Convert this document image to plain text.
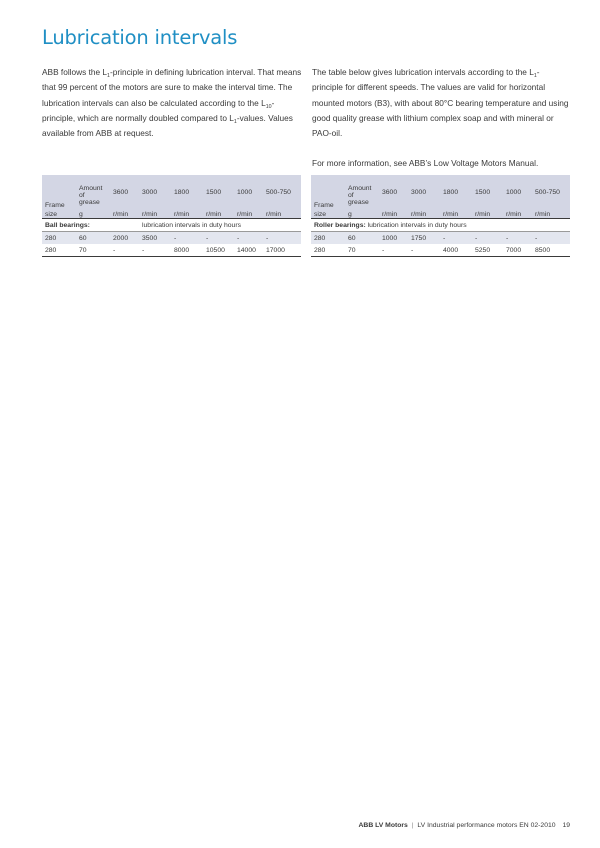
Lubrication intervals

ABB follows the $L_1$-principle in defining lubrication interval. That means that 99 percent of the motors are sure to make the interval time. The lubrication intervals can also be calculated according to the $L_{10}$-principle, which are normally doubled compared to $L_1$-values. Values available from ABB at request.

The table below gives lubrication intervals according to the $L_1$-principle for different speeds. The values are valid for horizontal mounted motors (B3), with about 80°C bearing temperature and using good quality grease with lithium complex soap and with mineral or PAO-oil.

For more information, see ABB’s Low Voltage Motors Manual.

	Amount	3600	3000	1800	1500	1000	500-750
Frame	of
grease						
size	g	r/min	r/min	r/min	r/min	r/min	r/min
Ball bearings:			lubrication intervals in duty hours				
280	60	2000	3500	-	-	-	-
280	70	-	-	8000	10500	14000	17000
	Amount	3600	3000	1800	1500	1000	500-750
Frame	of
grease						
size	g	r/min	r/min	r/min	r/min	r/min	r/min
Roller bearings: lubrication intervals in duty hours							
280	60	1000	1750	-	-	-	-
280	70	-	-	4000	5250	7000	8500
ABB LV Motors | LV Industrial performance motors EN 02-2010 19
